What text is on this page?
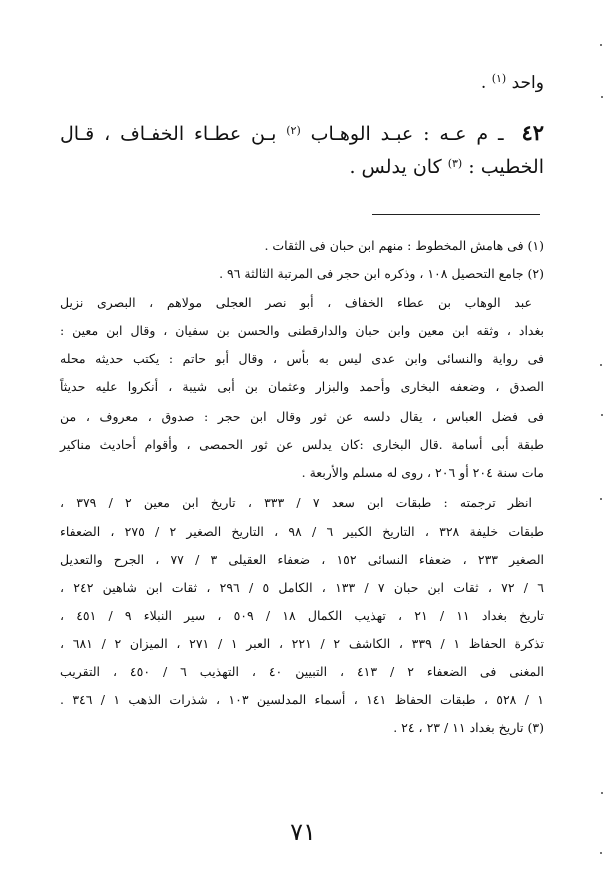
واحد $^{(١)}$ .
٤٢ ـ م عـه : عبـد الوهـاب $^{(٢)}$ بـن عطـاء الخفـاف ، قـال
الخطيب : $^{(٣)}$ كان يدلس .
(١) فى هامش المخطوط : منهم ابن حبان فى الثقات .
(٢) جامع التحصيل ١٠٨ ، وذكره ابن حجر فى المرتبة الثالثة ٩٦ .
عبد الوهاب بن عطاء الخفاف ، أبو نصر العجلى مولاهم ، البصرى نزيل
بغداد ، وثقه ابن معين وابن حبان والدارقطنى والحسن بن سفيان ، وقال ابن معين :
فى رواية والنسائى وابن عدى ليس به بأس ، وقال أبو حاتم : يكتب حديثه محله
الصدق ، وضعفه البخارى وأحمد والبزار وعثمان بن أبى شيبة ، أنكروا عليه حديثاً
فى فضل العباس ، يقال دلسه عن ثور وقال ابن حجر : صدوق ، معروف ، من
طبقة أبى أسامة .قال البخارى :كان يدلس عن ثور الحمصى ، وأقوام أحاديث مناكير
مات سنة ٢٠٤ أو ٢٠٦ ، روى له مسلم والأربعة .
انظر ترجمته : طبقات ابن سعد ٧ / ٣٣٣ ، تاريخ ابن معين ٢ / ٣٧٩ ،
طبقات خليفة ٣٢٨ ، التاريخ الكبير ٦ / ٩٨ ، التاريخ الصغير ٢ / ٢٧٥ ، الضعفاء
الصغير ٢٣٣ ، ضعفاء النسائى ١٥٢ ، ضعفاء العقيلى ٣ / ٧٧ ، الجرح والتعديل
٦ / ٧٢ ، ثقات ابن حبان ٧ / ١٣٣ ، الكامل ٥ / ٢٩٦ ، ثقات ابن شاهين ٢٤٢ ،
تاريخ بغداد ١١ / ٢١ ، تهذيب الكمال ١٨ / ٥٠٩ ، سير النبلاء ٩ / ٤٥١ ،
تذكرة الحفاظ ١ / ٣٣٩ ، الكاشف ٢ / ٢٢١ ، العبر ١ / ٢٧١ ، الميزان ٢ / ٦٨١ ،
المغنى فى الضعفاء ٢ / ٤١٣ ، التبيين ٤٠ ، التهذيب ٦ / ٤٥٠ ، التقريب
١ / ٥٢٨ ، طبقات الحفاظ ١٤١ ، أسماء المدلسين ١٠٣ ، شذرات الذهب ١ / ٣٤٦ .
(٣) تاريخ بغداد ١١ / ٢٣ ، ٢٤ .
٧١
